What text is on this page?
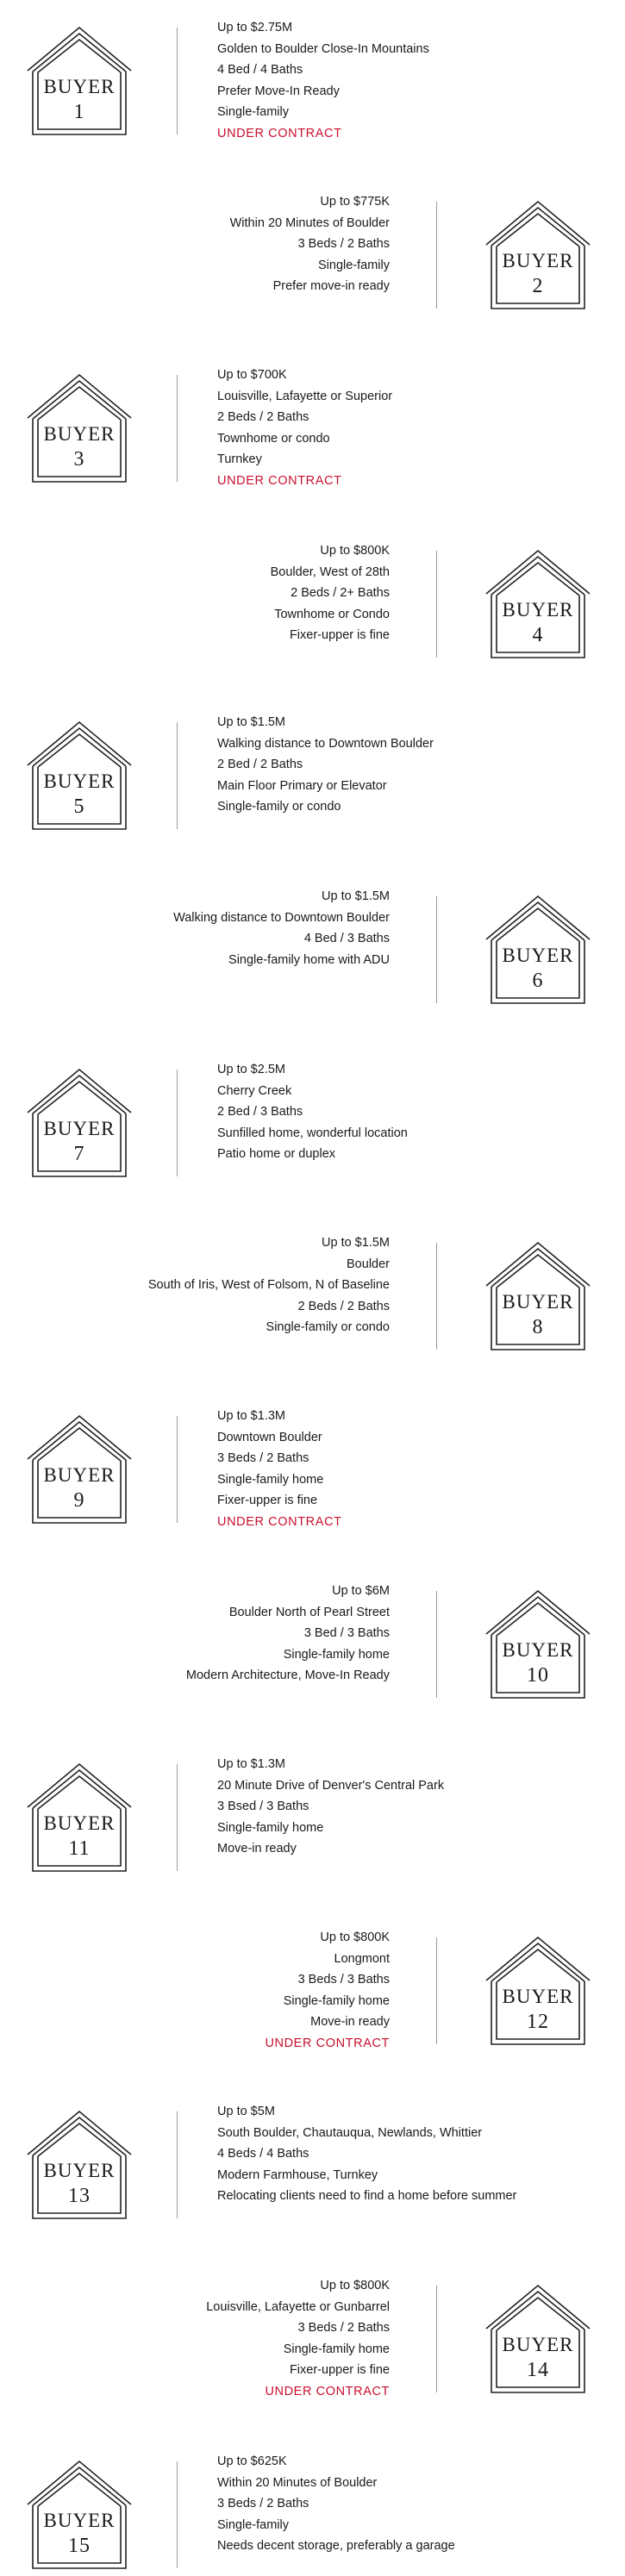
BUYER
1
Up to $2.75M
Golden to Boulder Close-In Mountains
4 Bed / 4 Baths
Prefer Move-In Ready
Single-family
UNDER CONTRACT
BUYER
2
Up to $775K
Within 20 Minutes of Boulder
3 Beds / 2 Baths
Single-family
Prefer move-in ready
BUYER
3
Up to $700K
Louisville, Lafayette or Superior
2 Beds / 2 Baths
Townhome or condo
Turnkey
UNDER CONTRACT
BUYER
4
Up to $800K
Boulder, West of 28th
2 Beds / 2+ Baths
Townhome or Condo
Fixer-upper is fine
BUYER
5
Up to $1.5M
Walking distance to Downtown Boulder
2 Bed / 2 Baths
Main Floor Primary or Elevator
Single-family or condo
BUYER
6
Up to $1.5M
Walking distance to Downtown Boulder
4 Bed / 3 Baths
Single-family home with ADU
BUYER
7
Up to $2.5M
Cherry Creek
2 Bed / 3 Baths
Sunfilled home, wonderful location
Patio home or duplex
BUYER
8
Up to $1.5M
Boulder
South of Iris, West of Folsom, N of Baseline
2 Beds / 2 Baths
Single-family or condo
BUYER
9
Up to $1.3M
Downtown Boulder
3 Beds / 2 Baths
Single-family home
Fixer-upper is fine
UNDER CONTRACT
BUYER
10
Up to $6M
Boulder North of Pearl Street
3 Bed / 3 Baths
Single-family home
Modern Architecture, Move-In Ready
BUYER
11
Up to $1.3M
20 Minute Drive of Denver's Central Park
3 Bsed / 3 Baths
Single-family home
Move-in ready
BUYER
12
Up to $800K
Longmont
3 Beds / 3 Baths
Single-family home
Move-in ready
UNDER CONTRACT
BUYER
13
Up to $5M
South Boulder, Chautauqua, Newlands, Whittier
4 Beds / 4 Baths
Modern Farmhouse, Turnkey
Relocating clients need to find a home before summer
BUYER
14
Up to $800K
Louisville, Lafayette or Gunbarrel
3 Beds / 2 Baths
Single-family home
Fixer-upper is fine
UNDER CONTRACT
BUYER
15
Up to $625K
Within 20 Minutes of Boulder
3 Beds / 2 Baths
Single-family
Needs decent storage, preferably a garage
